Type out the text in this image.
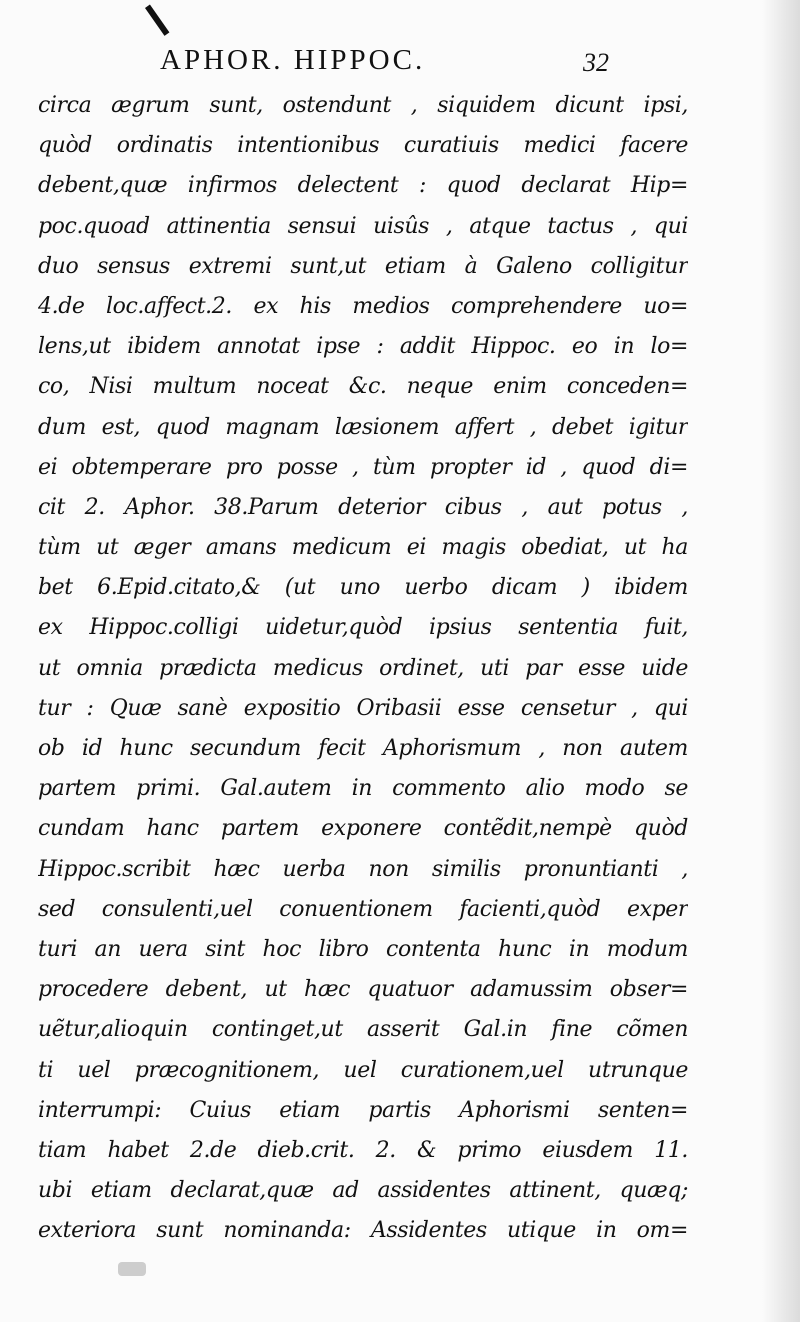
APHOR. HIPPOC.	32
circa ægrum sunt, ostendunt , siquidem dicunt ipsi,
quòd ordinatis intentionibus curatiuis medici facere
debent,quæ infirmos delectent : quod declarat Hip=
poc.quoad attinentia sensui uisûs , atque tactus , qui
duo sensus extremi sunt,ut etiam à Galeno colligitur
4.de loc.affect.2. ex his medios comprehendere uo=
lens,ut ibidem annotat ipse : addit Hippoc. eo in lo=
co, Nisi multum noceat &c. neque enim conceden=
dum est, quod magnam læsionem affert , debet igitur
ei obtemperare pro posse , tùm propter id , quod di=
cit 2. Aphor. 38.Parum deterior cibus , aut potus ,
tùm ut æger amans medicum ei magis obediat, ut ha
bet 6.Epid.citato,& (ut uno uerbo dicam ) ibidem
ex Hippoc.colligi uidetur,quòd ipsius sententia fuit,
ut omnia prædicta medicus ordinet, uti par esse uide
tur : Quæ sanè expositio Oribasii esse censetur , qui
ob id hunc secundum fecit Aphorismum , non autem
partem primi. Gal.autem in commento alio modo se
cundam hanc partem exponere contẽdit,nempè quòd
Hippoc.scribit hæc uerba non similis pronuntianti ,
sed consulenti,uel conuentionem facienti,quòd exper
turi an uera sint hoc libro contenta hunc in modum
procedere debent, ut hæc quatuor adamussim obser=
uẽtur,alioquin continget,ut asserit Gal.in fine cõmen
ti uel præcognitionem, uel curationem,uel utrunque
interrumpi: Cuius etiam partis Aphorismi senten=
tiam habet 2.de dieb.crit. 2. & primo eiusdem 11.
ubi etiam declarat,quæ ad assidentes attinent, quæq;
exteriora sunt nominanda: Assidentes utique in om=
